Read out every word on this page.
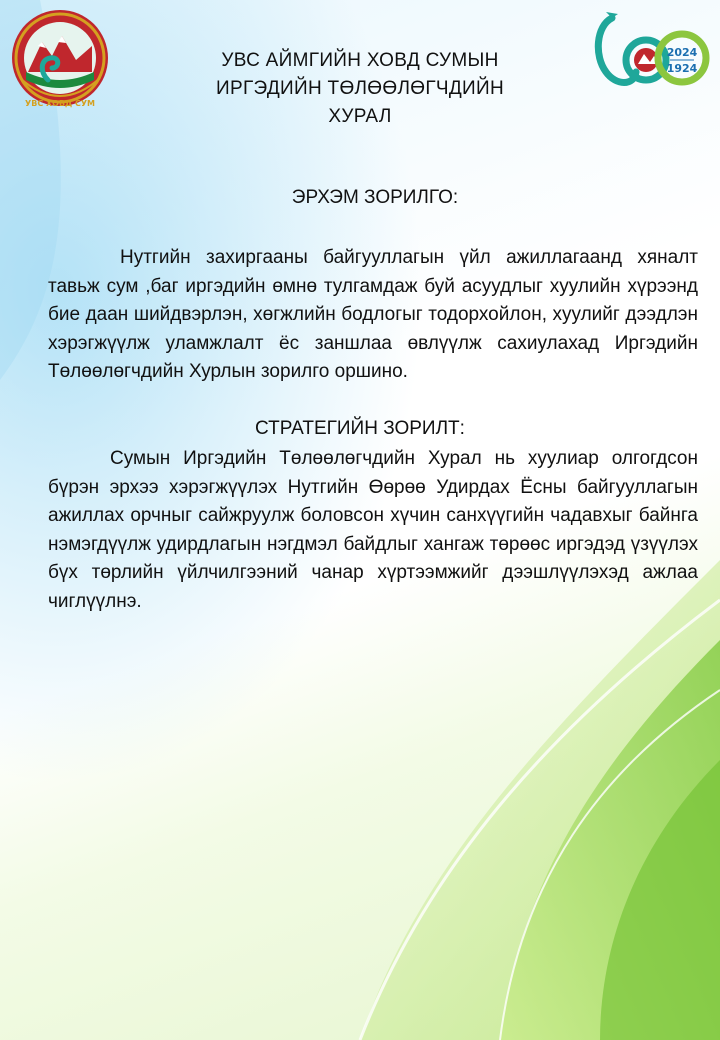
УВС ХОВД СУМ
2024
1924
УВС АЙМГИЙН ХОВД СУМЫН
ИРГЭДИЙН ТӨЛӨӨЛӨГЧДИЙН
ХУРАЛ
ЭРХЭМ ЗОРИЛГО:
Нутгийн захиргааны байгууллагын үйл ажиллагаанд хяналт тавьж сум ,баг иргэдийн өмнө тулгамдаж буй асуудлыг хуулийн хүрээнд бие даан шийдвэрлэн, хөгжлийн бодлогыг тодорхойлон, хуулийг дээдлэн хэрэгжүүлж уламжлалт ёс заншлаа өвлүүлж сахиулахад Иргэдийн Төлөөлөгчдийн Хурлын зорилго оршино.
СТРАТЕГИЙН ЗОРИЛТ:
Сумын Иргэдийн Төлөөлөгчдийн Хурал нь хуулиар олгогдсон бүрэн эрхээ хэрэгжүүлэх Нутгийн Өөрөө Удирдах Ёсны байгууллагын ажиллах орчныг сайжруулж боловсон хүчин санхүүгийн чадавхыг байнга нэмэгдүүлж удирдлагын нэгдмэл байдлыг хангаж төрөөс иргэдэд үзүүлэх бүх төрлийн үйлчилгээний чанар хүртээмжийг дээшлүүлэхэд ажлаа чиглүүлнэ.
